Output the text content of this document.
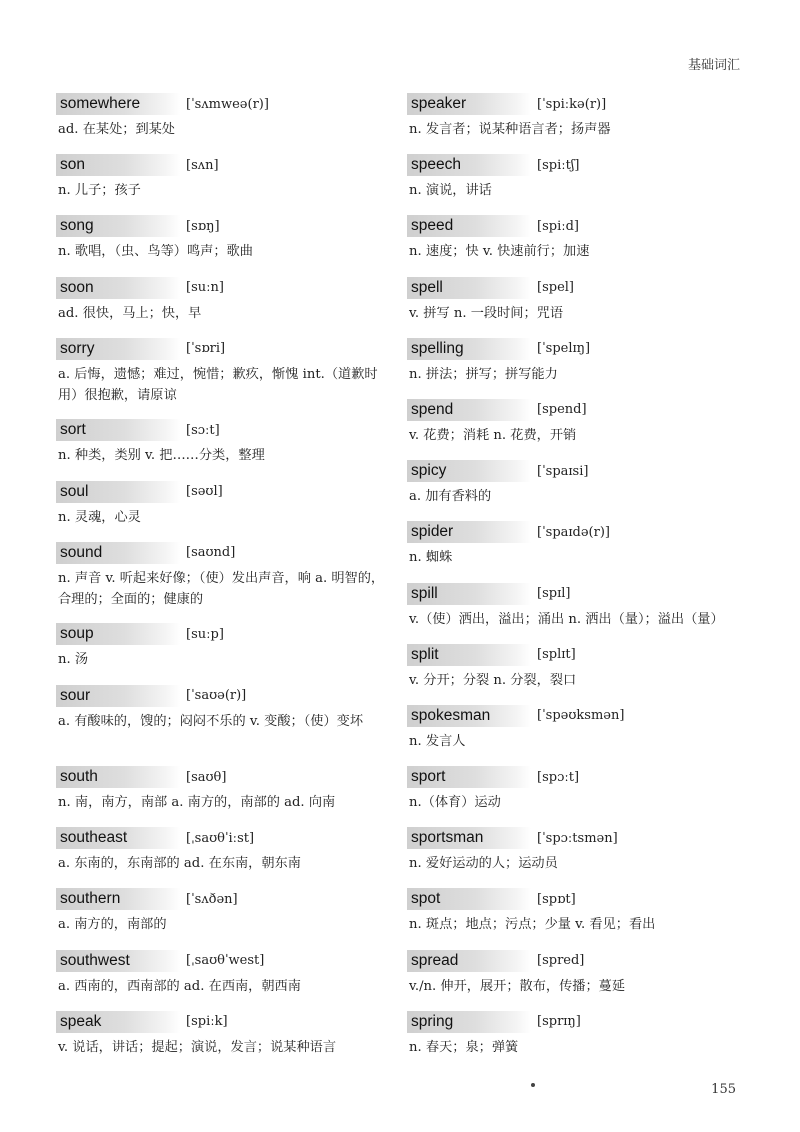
基础词汇
somewhere	[ˈsʌmweə(r)]
ad. 在某处；到某处
son	[sʌn]
n. 儿子；孩子
song	[sɒŋ]
n. 歌唱，（虫、鸟等）鸣声；歌曲
soon	[suːn]
ad. 很快，马上；快，早
sorry	[ˈsɒri]
a. 后悔，遗憾；难过，惋惜；歉疚，惭愧 int.（道歉时用）很抱歉，请原谅
sort	[sɔːt]
n. 种类，类别 v. 把……分类，整理
soul	[səʊl]
n. 灵魂，心灵
sound	[saʊnd]
n. 声音 v. 听起来好像；（使）发出声音，响 a. 明智的，合理的；全面的；健康的
soup	[suːp]
n. 汤
sour	[ˈsaʊə(r)]
a. 有酸味的，馊的；闷闷不乐的 v. 变酸；（使）变坏
south	[saʊθ]
n. 南，南方，南部 a. 南方的，南部的 ad. 向南
southeast	[ˌsaʊθˈiːst]
a. 东南的，东南部的 ad. 在东南，朝东南
southern	[ˈsʌðən]
a. 南方的，南部的
southwest	[ˌsaʊθˈwest]
a. 西南的，西南部的 ad. 在西南，朝西南
speak	[spiːk]
v. 说话，讲话；提起；演说，发言；说某种语言
speaker	[ˈspiːkə(r)]
n. 发言者；说某种语言者；扬声器
speech	[spiːtʃ]
n. 演说，讲话
speed	[spiːd]
n. 速度；快 v. 快速前行；加速
spell	[spel]
v. 拼写 n. 一段时间；咒语
spelling	[ˈspelɪŋ]
n. 拼法；拼写；拼写能力
spend	[spend]
v. 花费；消耗 n. 花费，开销
spicy	[ˈspaɪsi]
a. 加有香料的
spider	[ˈspaɪdə(r)]
n. 蜘蛛
spill	[spɪl]
v.（使）洒出，溢出；涌出 n. 洒出（量）；溢出（量）
split	[splɪt]
v. 分开；分裂 n. 分裂，裂口
spokesman	[ˈspəʊksmən]
n. 发言人
sport	[spɔːt]
n.（体育）运动
sportsman	[ˈspɔːtsmən]
n. 爱好运动的人；运动员
spot	[spɒt]
n. 斑点；地点；污点；少量 v. 看见；看出
spread	[spred]
v./n. 伸开，展开；散布，传播；蔓延
spring	[sprɪŋ]
n. 春天；泉；弹簧
155
